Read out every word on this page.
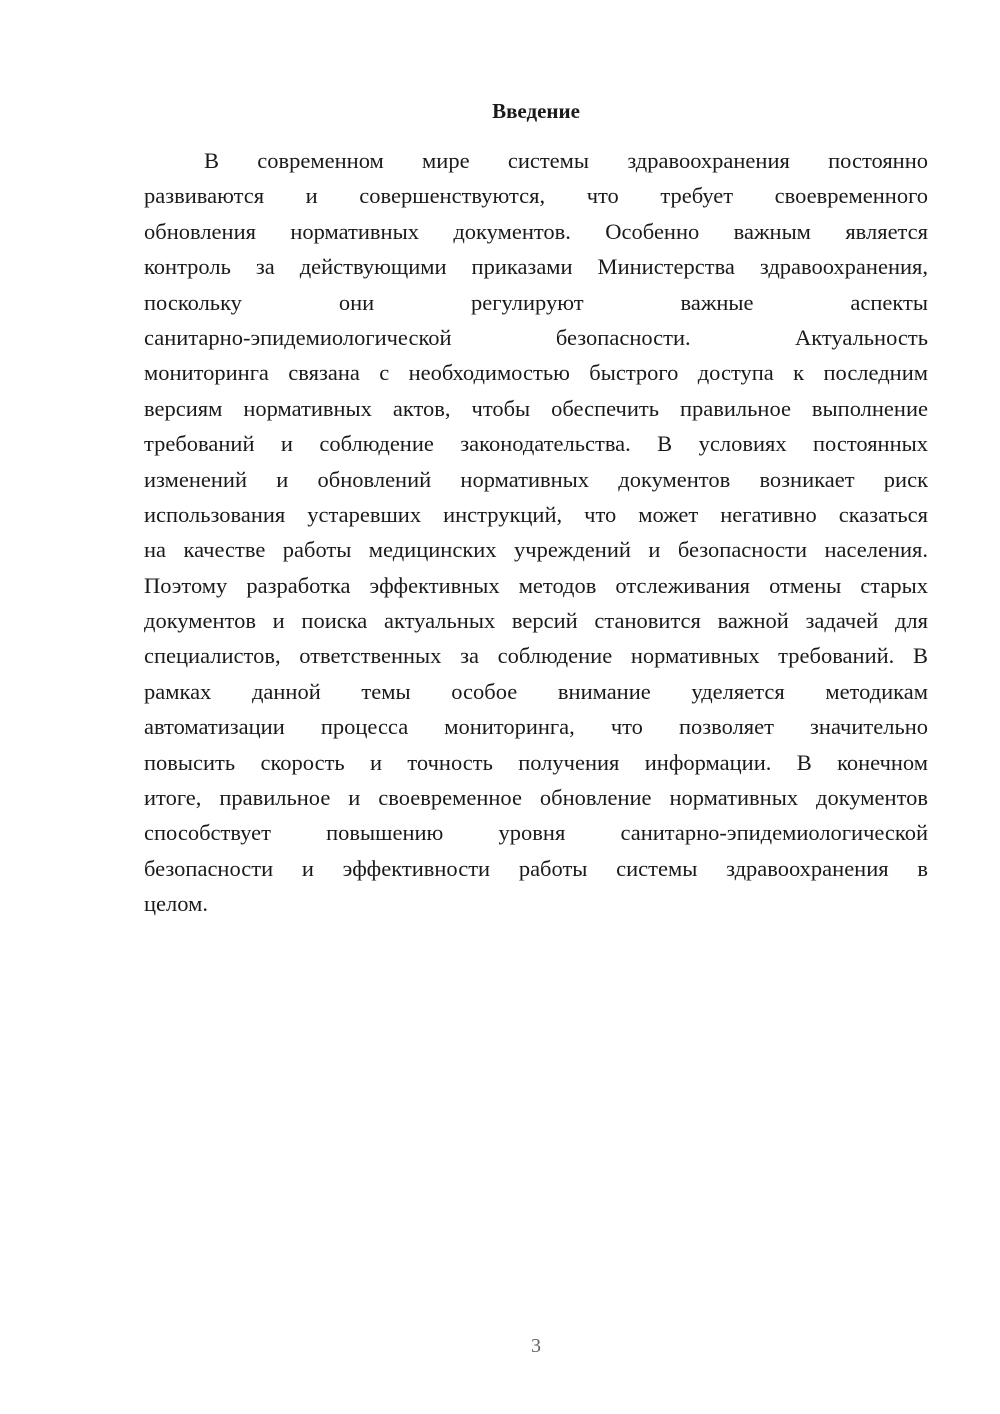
Введение
В современном мире системы здравоохранения постоянно
развиваются и совершенствуются, что требует своевременного
обновления нормативных документов. Особенно важным является
контроль за действующими приказами Министерства здравоохранения,
поскольку они регулируют важные аспекты
санитарно-эпидемиологической безопасности. Актуальность
мониторинга связана с необходимостью быстрого доступа к последним
версиям нормативных актов, чтобы обеспечить правильное выполнение
требований и соблюдение законодательства. В условиях постоянных
изменений и обновлений нормативных документов возникает риск
использования устаревших инструкций, что может негативно сказаться
на качестве работы медицинских учреждений и безопасности населения.
Поэтому разработка эффективных методов отслеживания отмены старых
документов и поиска актуальных версий становится важной задачей для
специалистов, ответственных за соблюдение нормативных требований. В
рамках данной темы особое внимание уделяется методикам
автоматизации процесса мониторинга, что позволяет значительно
повысить скорость и точность получения информации. В конечном
итоге, правильное и своевременное обновление нормативных документов
способствует повышению уровня санитарно-эпидемиологической
безопасности и эффективности работы системы здравоохранения в
целом.
3
